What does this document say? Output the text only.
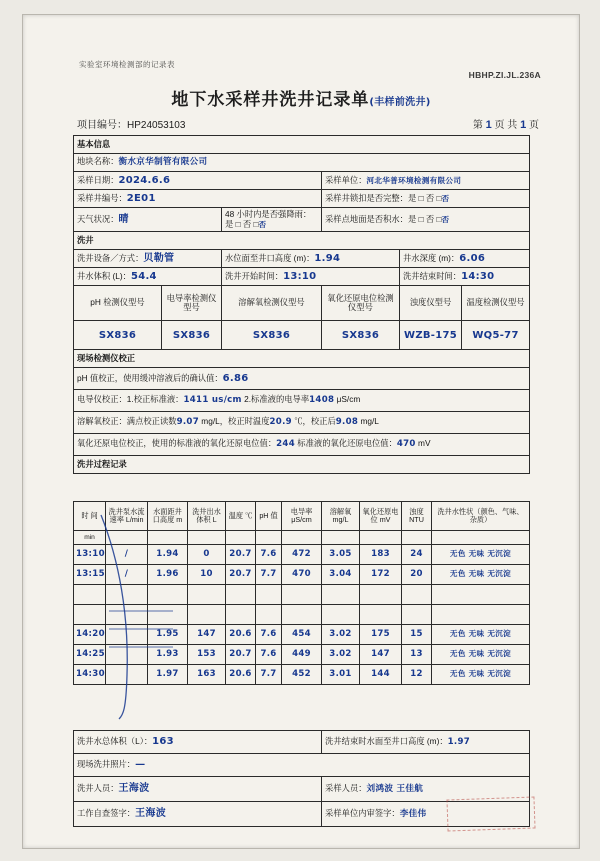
实验室环境检测部的记录表
HBHP.ZI.JL.236A
地下水采样井洗井记录单(丰样前洗井)
项目编号：HP24053103	第 1 页 共 1 页
基本信息					
地块名称：衡水京华制管有限公司					
采样日期：2024.6.6			采样单位：河北华普环境检测有限公司		
采样井编号：2E01			采样井锁扣是否完整：是 □ 否 □否		
天气状况：晴		48 小时内是否强降雨：是 □ 否 □否	采样点地面是否积水：是 □ 否 □否		
洗井					
洗井设备／方式：贝勒管		水位面至井口高度 (m)：1.94		井水深度 (m)：6.06	
井水体积 (L)：54.4		洗井开始时间：13:10		洗井结束时间：14:30	
pH 检测仪型号	电导率检测仪型号	溶解氧检测仪型号	氧化还原电位检测仪型号	浊度仪型号	温度检测仪型号
SX836	SX836	SX836	SX836	WZB-175	WQ5-77
现场检测仪校正					
pH 值校正，使用缓冲溶液后的确认值：6.86					
电导仪校正：1.校正标准液：1411 us/cm 2.标准液的电导率1408 μS/cm					
溶解氧校正：满点校正读数9.07 mg/L，校正时温度20.9 ℃，校正后9.08 mg/L					
氧化还原电位校正，使用的标准液的氧化还原电位值：244 标准液的氧化还原电位值：470 mV					
洗井过程记录					
时 间	洗井泵水流速率 L/min	水面距井口高度 m	洗井出水体积 L	温度 ℃	pH 值	电导率 μS/cm	溶解氧 mg/L	氧化还原电位 mV	浊度 NTU	洗井水性状（颜色、气味、杂质）
min										
13:10	/	1.94	0	20.7	7.6	472	3.05	183	24	无色 无味 无沉淀
13:15	/	1.96	10	20.7	7.7	470	3.04	172	20	无色 无味 无沉淀

14:20		1.95	147	20.6	7.6	454	3.02	175	15	无色 无味 无沉淀
14:25		1.93	153	20.7	7.6	449	3.02	147	13	无色 无味 无沉淀
14:30		1.97	163	20.6	7.7	452	3.01	144	12	无色 无味 无沉淀
洗井水总体积（L）：163	洗井结束时水面至井口高度 (m)：1.97
现场洗井照片：—	
洗井人员：王海波	采样人员：刘鸿波 王佳航
工作自查签字：王海波	采样单位内审签字：李佳伟
